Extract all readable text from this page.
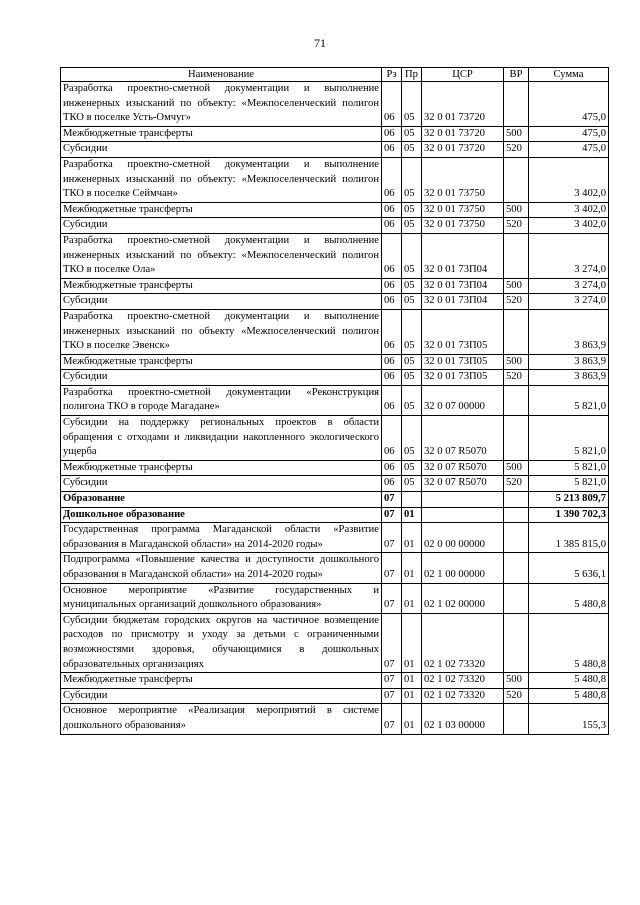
71
Наименование	Рз	Пр	ЦСР	ВР	Сумма
Разработка проектно-сметной документации и выполнение инженерных изысканий по объекту: «Межпоселенческий полигон ТКО в поселке Усть-Омчуг»	06	05	32 0 01 73720		475,0
Межбюджетные трансферты	06	05	32 0 01 73720	500	475,0
Субсидии	06	05	32 0 01 73720	520	475,0
Разработка проектно-сметной документации и выполнение инженерных изысканий по объекту: «Межпоселенческий полигон ТКО в поселке Сеймчан»	06	05	32 0 01 73750		3 402,0
Межбюджетные трансферты	06	05	32 0 01 73750	500	3 402,0
Субсидии	06	05	32 0 01 73750	520	3 402,0
Разработка проектно-сметной документации и выполнение инженерных изысканий по объекту: «Межпоселенческий полигон ТКО в поселке Ола»	06	05	32 0 01 73П04		3 274,0
Межбюджетные трансферты	06	05	32 0 01 73П04	500	3 274,0
Субсидии	06	05	32 0 01 73П04	520	3 274,0
Разработка проектно-сметной документации и выполнение инженерных изысканий по объекту «Межпоселенческий полигон ТКО в поселке Эвенск»	06	05	32 0 01 73П05		3 863,9
Межбюджетные трансферты	06	05	32 0 01 73П05	500	3 863,9
Субсидии	06	05	32 0 01 73П05	520	3 863,9
Разработка проектно-сметной документации «Реконструкция полигона ТКО в городе Магадане»	06	05	32 0 07 00000		5 821,0
Субсидии на поддержку региональных проектов в области обращения с отходами и ликвидации накопленного экологического ущерба	06	05	32 0 07 R5070		5 821,0
Межбюджетные трансферты	06	05	32 0 07 R5070	500	5 821,0
Субсидии	06	05	32 0 07 R5070	520	5 821,0
Образование	07				5 213 809,7
Дошкольное образование	07	01			1 390 702,3
Государственная программа Магаданской области «Развитие образования в Магаданской области» на 2014-2020 годы»	07	01	02 0 00 00000		1 385 815,0
Подпрограмма «Повышение качества и доступности дошкольного образования в Магаданской области» на 2014-2020 годы»	07	01	02 1 00 00000		5 636,1
Основное мероприятие «Развитие государственных и муниципальных организаций дошкольного образования»	07	01	02 1 02 00000		5 480,8
Субсидии бюджетам городских округов на частичное возмещение расходов по присмотру и уходу за детьми с ограниченными возможностями здоровья, обучающимися в дошкольных образовательных организациях	07	01	02 1 02 73320		5 480,8
Межбюджетные трансферты	07	01	02 1 02 73320	500	5 480,8
Субсидии	07	01	02 1 02 73320	520	5 480,8
Основное мероприятие «Реализация мероприятий в системе дошкольного образования»	07	01	02 1 03 00000		155,3
